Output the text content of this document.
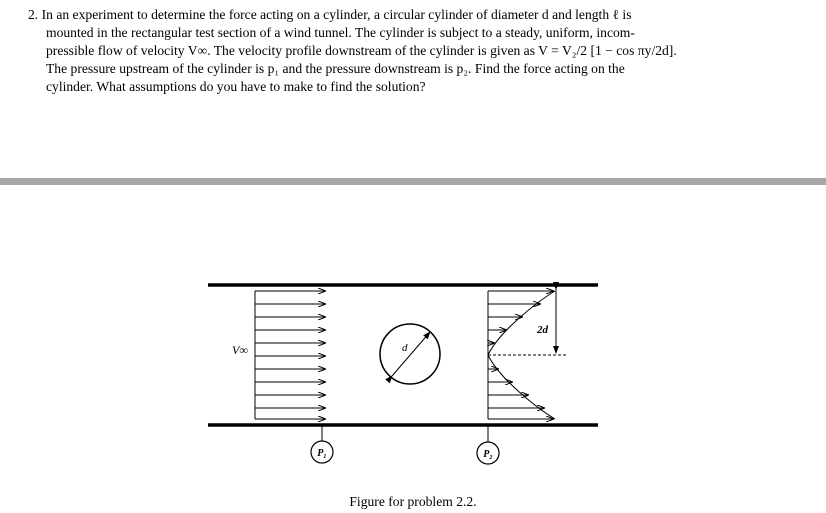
2. In an experiment to determine the force acting on a cylinder, a circular cylinder of diameter d and length ℓ is
mounted in the rectangular test section of a wind tunnel. The cylinder is subject to a steady, uniform, incom-
pressible flow of velocity V∞. The velocity profile downstream of the cylinder is given as V = V₂/2 [1 − cos πy/2d].
The pressure upstream of the cylinder is p₁ and the pressure downstream is p₂. Find the force acting on the
cylinder. What assumptions do you have to make to find the solution?
V∞
P₁
d
2d
P₂
Figure for problem 2.2.
